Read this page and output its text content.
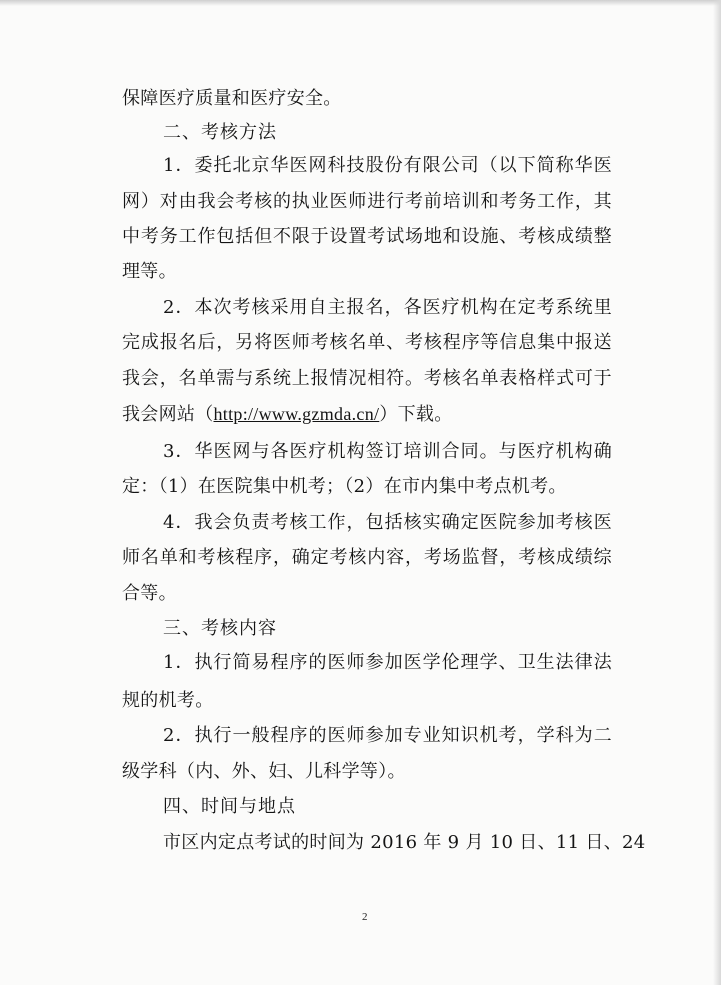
保障医疗质量和医疗安全。
二、考核方法
1．委托北京华医网科技股份有限公司（以下简称华医
网）对由我会考核的执业医师进行考前培训和考务工作，其
中考务工作包括但不限于设置考试场地和设施、考核成绩整
理等。
2．本次考核采用自主报名，各医疗机构在定考系统里
完成报名后，另将医师考核名单、考核程序等信息集中报送
我会，名单需与系统上报情况相符。考核名单表格样式可于
我会网站（http://www.gzmda.cn/）下载。
3．华医网与各医疗机构签订培训合同。与医疗机构确
定：（1）在医院集中机考；（2）在市内集中考点机考。
4．我会负责考核工作，包括核实确定医院参加考核医
师名单和考核程序，确定考核内容，考场监督，考核成绩综
合等。
三、考核内容
1．执行简易程序的医师参加医学伦理学、卫生法律法
规的机考。
2．执行一般程序的医师参加专业知识机考，学科为二
级学科（内、外、妇、儿科学等）。
四、时间与地点
市区内定点考试的时间为 2016 年 9 月 10 日、11 日、24
2
